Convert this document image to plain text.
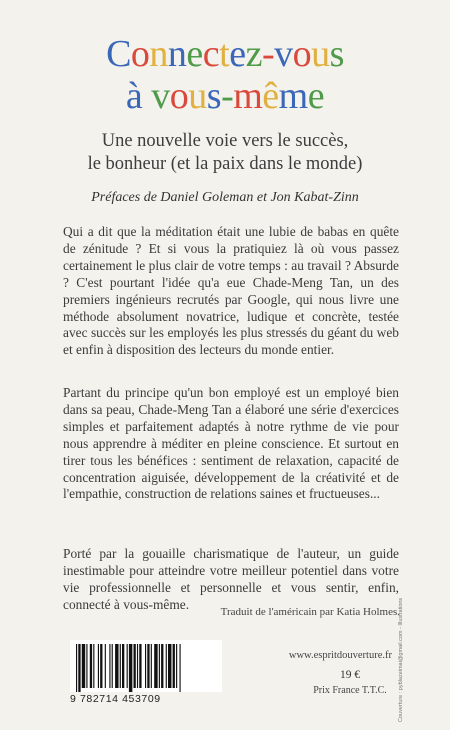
Connectez-vous
à vous-même
Une nouvelle voie vers le succès,
le bonheur (et la paix dans le monde)
Préfaces de Daniel Goleman et Jon Kabat-Zinn
Qui a dit que la méditation était une lubie de babas en quête de zénitude ? Et si vous la pratiquiez là où vous passez certainement le plus clair de votre temps : au travail ? Absurde ? C'est pourtant l'idée qu'a eue Chade-Meng Tan, un des premiers ingénieurs recrutés par Google, qui nous livre une méthode absolument novatrice, ludique et concrète, testée avec succès sur les employés les plus stressés du géant du web et enfin à disposition des lecteurs du monde entier.
Partant du principe qu'un bon employé est un employé bien dans sa peau, Chade-Meng Tan a élaboré une série d'exercices simples et parfaitement adaptés à notre rythme de vie pour nous apprendre à méditer en pleine conscience. Et surtout en tirer tous les bénéfices : sentiment de relaxation, capacité de concentration aiguisée, développement de la créativité et de l'empathie, construction de relations saines et fructueuses...
Porté par la gouaille charismatique de l'auteur, un guide inestimable pour atteindre votre meilleur potentiel dans votre vie professionnelle et personnelle et vous sentir, enfin, connecté à vous-même.
Traduit de l'américain par Katia Holmes.
9 782714 453709
www.espritdouverture.fr
19 €
Prix France T.T.C.	Couverture : pyblazeimai@gmail.com - Illustrations
